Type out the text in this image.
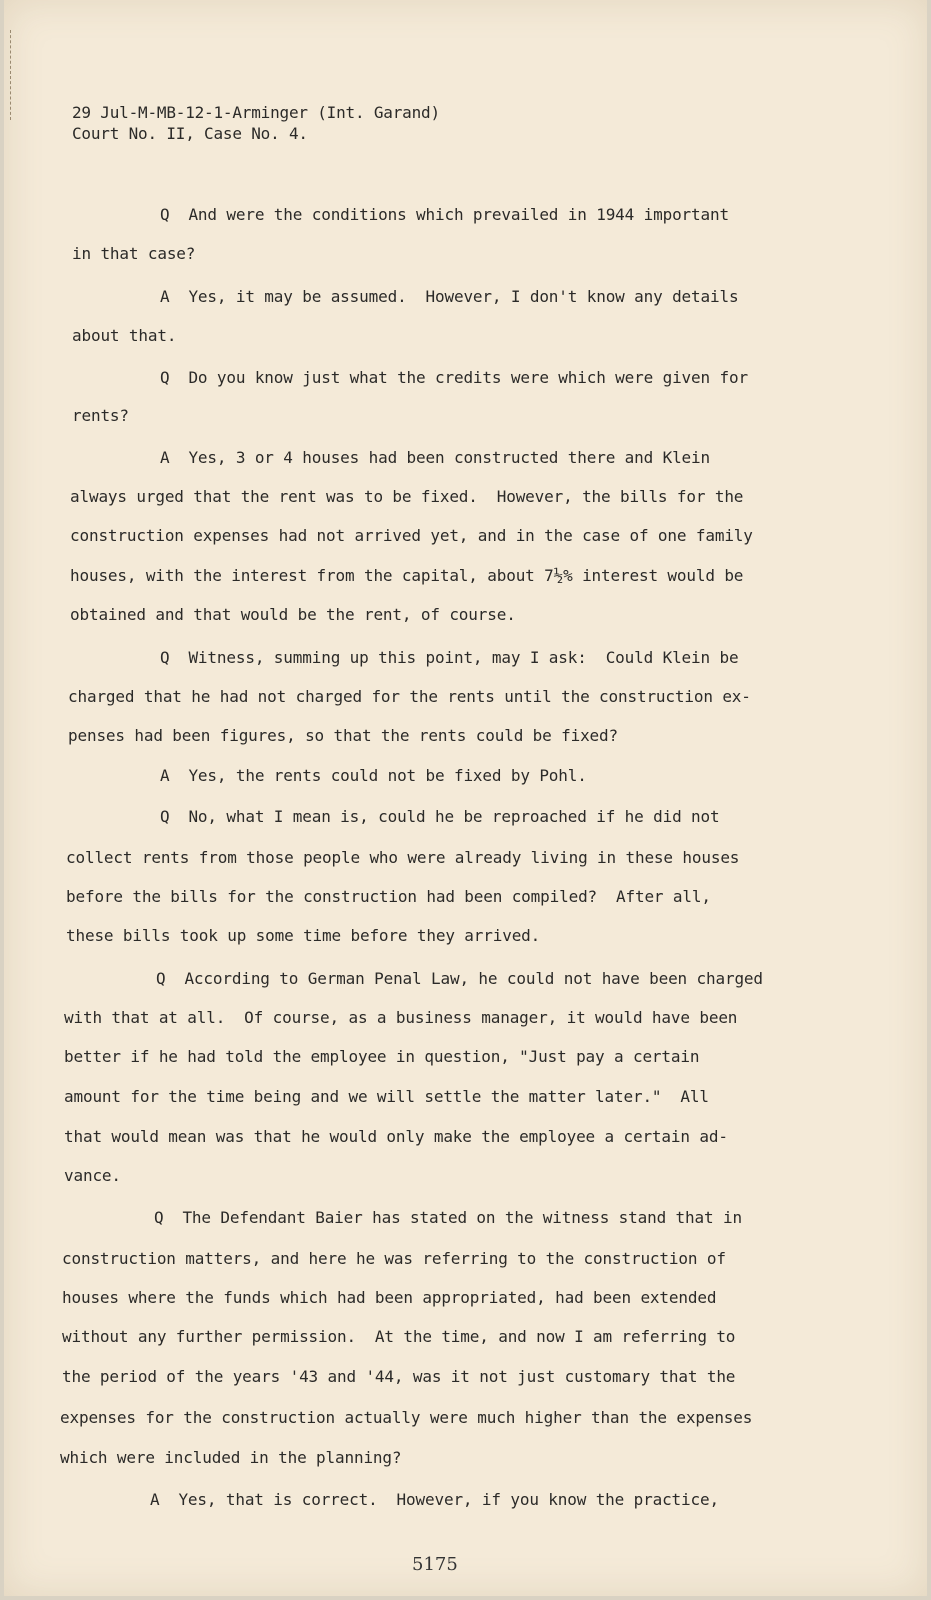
29 Jul-M-MB-12-1-Arminger (Int. Garand)
Court No. II, Case No. 4.
Q  And were the conditions which prevailed in 1944 important
in that case?
A  Yes, it may be assumed.  However, I don't know any details
about that.
Q  Do you know just what the credits were which were given for
rents?
A  Yes, 3 or 4 houses had been constructed there and Klein
always urged that the rent was to be fixed.  However, the bills for the
construction expenses had not arrived yet, and in the case of one family
houses, with the interest from the capital, about 7½% interest would be
obtained and that would be the rent, of course.
Q  Witness, summing up this point, may I ask:  Could Klein be
charged that he had not charged for the rents until the construction ex-
penses had been figures, so that the rents could be fixed?
A  Yes, the rents could not be fixed by Pohl.
Q  No, what I mean is, could he be reproached if he did not
collect rents from those people who were already living in these houses
before the bills for the construction had been compiled?  After all,
these bills took up some time before they arrived.
Q  According to German Penal Law, he could not have been charged
with that at all.  Of course, as a business manager, it would have been
better if he had told the employee in question, "Just pay a certain
amount for the time being and we will settle the matter later."  All
that would mean was that he would only make the employee a certain ad-
vance.
Q  The Defendant Baier has stated on the witness stand that in
construction matters, and here he was referring to the construction of
houses where the funds which had been appropriated, had been extended
without any further permission.  At the time, and now I am referring to
the period of the years '43 and '44, was it not just customary that the
expenses for the construction actually were much higher than the expenses
which were included in the planning?
A  Yes, that is correct.  However, if you know the practice,
5175
